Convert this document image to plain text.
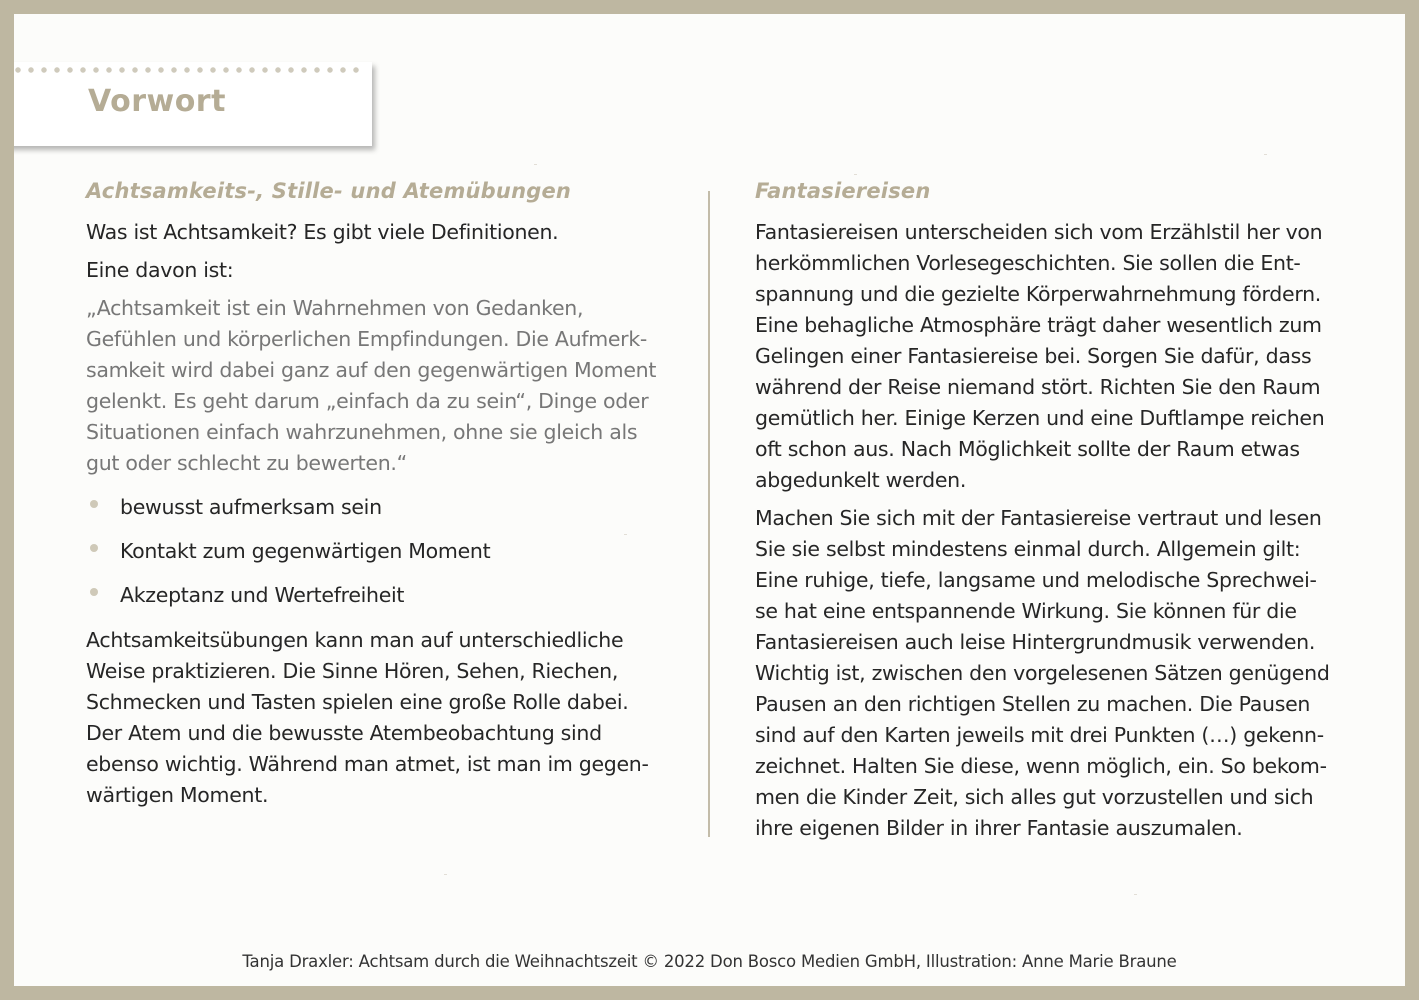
Vorwort
Achtsamkeits-, Stille- und Atemübungen

Was ist Achtsamkeit? Es gibt viele Definitionen.

Eine davon ist:

„Achtsamkeit ist ein Wahrnehmen von Gedanken,

Gefühlen und körperlichen Empfindungen. Die Aufmerk-

samkeit wird dabei ganz auf den gegenwärtigen Moment

gelenkt. Es geht darum „einfach da zu sein“, Dinge oder

Situationen einfach wahrzunehmen, ohne sie gleich als

gut oder schlecht zu bewerten.“

bewusst aufmerksam sein
Kontakt zum gegenwärtigen Moment
Akzeptanz und Wertefreiheit

Achtsamkeitsübungen kann man auf unterschiedliche

Weise praktizieren. Die Sinne Hören, Sehen, Riechen,

Schmecken und Tasten spielen eine große Rolle dabei.

Der Atem und die bewusste Atembeobachtung sind

ebenso wichtig. Während man atmet, ist man im gegen-

wärtigen Moment.

Fantasiereisen

Fantasiereisen unterscheiden sich vom Erzählstil her von

herkömmlichen Vorlesegeschichten. Sie sollen die Ent-

spannung und die gezielte Körperwahrnehmung fördern.

Eine behagliche Atmosphäre trägt daher wesentlich zum

Gelingen einer Fantasiereise bei. Sorgen Sie dafür, dass

während der Reise niemand stört. Richten Sie den Raum

gemütlich her. Einige Kerzen und eine Duftlampe reichen

oft schon aus. Nach Möglichkeit sollte der Raum etwas

abgedunkelt werden.

Machen Sie sich mit der Fantasiereise vertraut und lesen

Sie sie selbst mindestens einmal durch. Allgemein gilt:

Eine ruhige, tiefe, langsame und melodische Sprechwei-

se hat eine entspannende Wirkung. Sie können für die

Fantasiereisen auch leise Hintergrundmusik verwenden.

Wichtig ist, zwischen den vorgelesenen Sätzen genügend

Pausen an den richtigen Stellen zu machen. Die Pausen

sind auf den Karten jeweils mit drei Punkten (…) gekenn-

zeichnet. Halten Sie diese, wenn möglich, ein. So bekom-

men die Kinder Zeit, sich alles gut vorzustellen und sich

ihre eigenen Bilder in ihrer Fantasie auszumalen.

Tanja Draxler: Achtsam durch die Weihnachtszeit © 2022 Don Bosco Medien GmbH, Illustration: Anne Marie Braune
